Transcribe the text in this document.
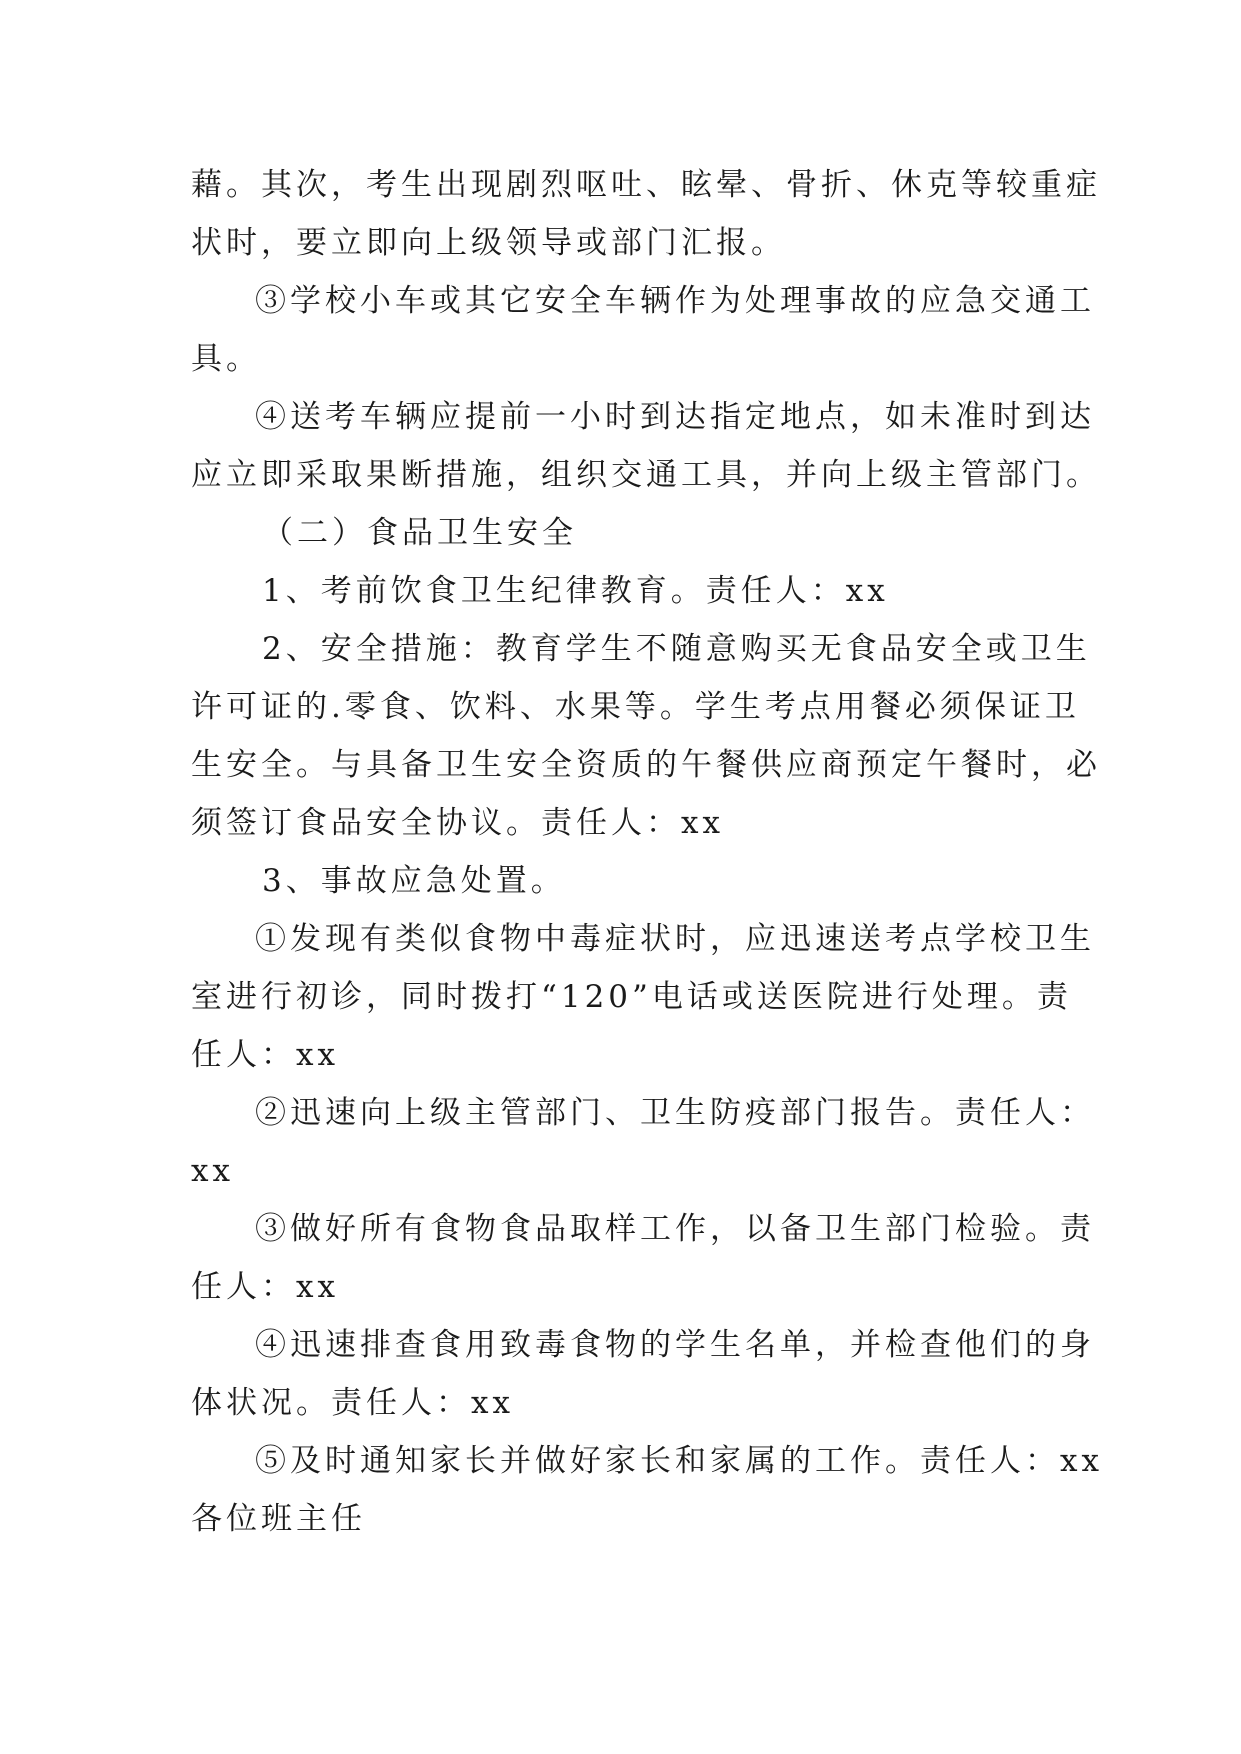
藉。其次，考生出现剧烈呕吐、眩晕、骨折、休克等较重症
状时，要立即向上级领导或部门汇报。
③学校小车或其它安全车辆作为处理事故的应急交通工
具。
④送考车辆应提前一小时到达指定地点，如未准时到达
应立即采取果断措施，组织交通工具，并向上级主管部门。
（二）食品卫生安全
1、考前饮食卫生纪律教育。责任人：xx
2、安全措施：教育学生不随意购买无食品安全或卫生
许可证的.零食、饮料、水果等。学生考点用餐必须保证卫
生安全。与具备卫生安全资质的午餐供应商预定午餐时，必
须签订食品安全协议。责任人：xx
3、事故应急处置。
①发现有类似食物中毒症状时，应迅速送考点学校卫生
室进行初诊，同时拨打“120”电话或送医院进行处理。责
任人：xx
②迅速向上级主管部门、卫生防疫部门报告。责任人：
xx
③做好所有食物食品取样工作，以备卫生部门检验。责
任人：xx
④迅速排查食用致毒食物的学生名单，并检查他们的身
体状况。责任人：xx
⑤及时通知家长并做好家长和家属的工作。责任人：xx
各位班主任
